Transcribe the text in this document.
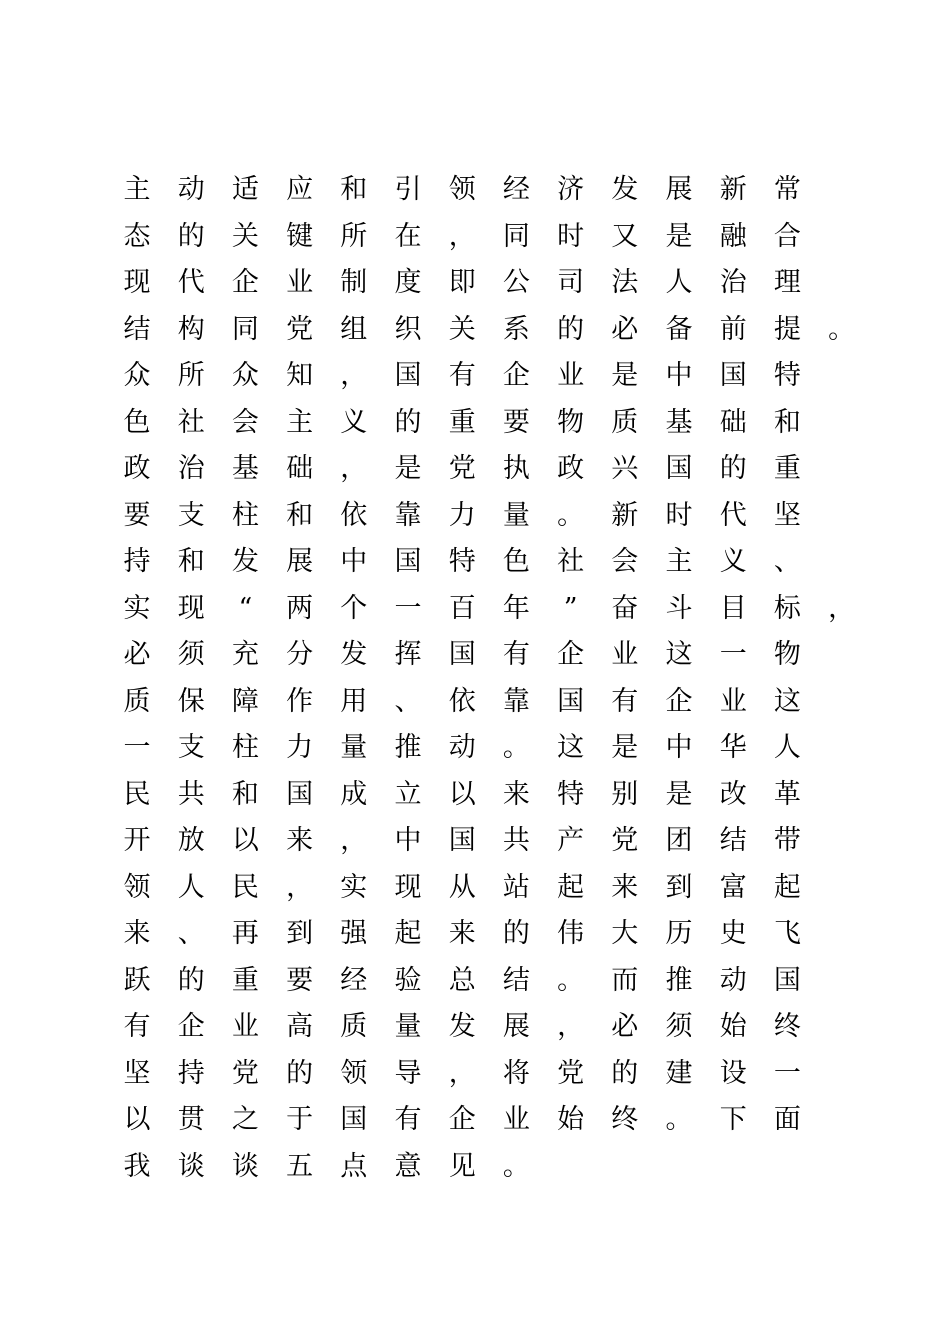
主	动	适	应	和	引	领	经	济	发	展	新	常
态	的	关	键	所	在	，	同	时	又	是	融	合
现	代	企	业	制	度	即	公	司	法	人	治	理
结	构	同	党	组	织	关	系	的	必	备	前	提	。
众	所	众	知	，	国	有	企	业	是	中	国	特
色	社	会	主	义	的	重	要	物	质	基	础	和
政	治	基	础	，	是	党	执	政	兴	国	的	重
要	支	柱	和	依	靠	力	量	。	新	时	代	坚
持	和	发	展	中	国	特	色	社	会	主	义	、
实	现	“	两	个	一	百	年	”	奋	斗	目	标	，
必	须	充	分	发	挥	国	有	企	业	这	一	物
质	保	障	作	用	、	依	靠	国	有	企	业	这
一	支	柱	力	量	推	动	。	这	是	中	华	人
民	共	和	国	成	立	以	来	特	别	是	改	革
开	放	以	来	，	中	国	共	产	党	团	结	带
领	人	民	，	实	现	从	站	起	来	到	富	起
来	、	再	到	强	起	来	的	伟	大	历	史	飞
跃	的	重	要	经	验	总	结	。	而	推	动	国
有	企	业	高	质	量	发	展	，	必	须	始	终
坚	持	党	的	领	导	，	将	党	的	建	设	一
以	贯	之	于	国	有	企	业	始	终	。	下	面
我	谈	谈	五	点	意	见	。
